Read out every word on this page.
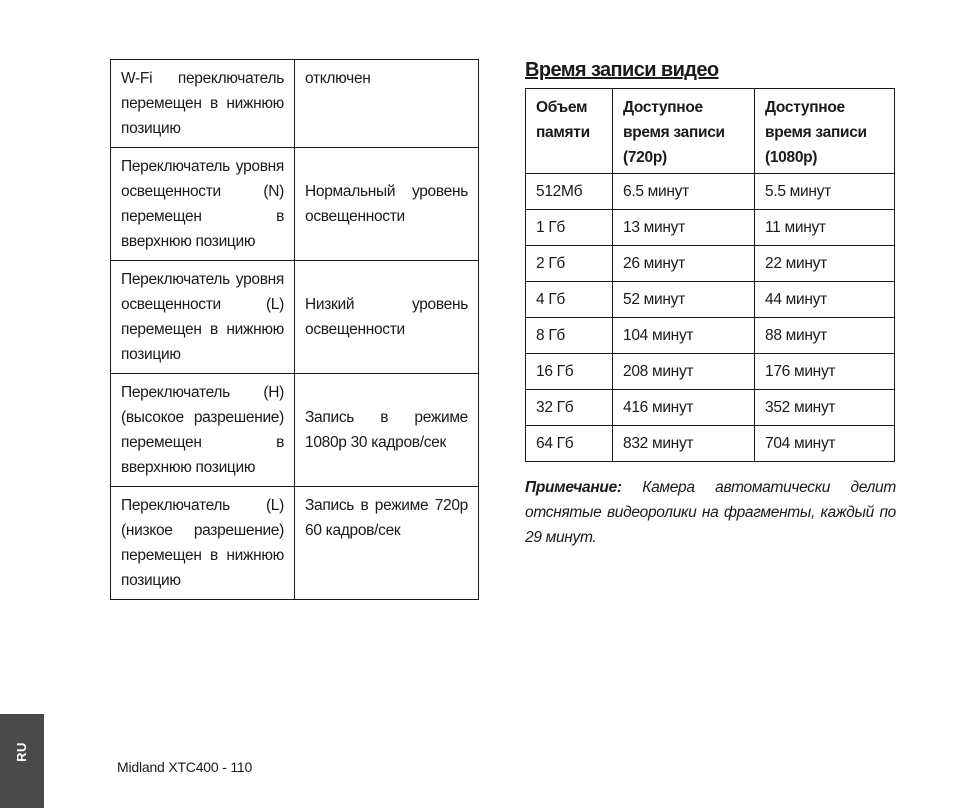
W-Fi переключатель перемещен в нижнюю позицию	отключен
Переключатель уровня освещенности (N) перемещен в вверхнюю позицию	Нормальный уровень освещенности
Переключатель уровня освещенности (L) перемещен в нижнюю позицию	Низкий уровень освещенности
Переключатель (H) (высокое разрешение) перемещен в вверхнюю позицию	Запись в режиме 1080р 30 кадров/сек
Переключатель (L) (низкое разрешение) перемещен в нижнюю позицию	Запись в режиме 720р 60 кадров/сек
Время записи видео
Объем памяти	Доступное время записи (720р)	Доступное время записи (1080р)
512Мб	6.5 минут	5.5 минут
1 Гб	13 минут	11 минут
2 Гб	26 минут	22 минут
4 Гб	52 минут	44 минут
8 Гб	104 минут	88 минут
16 Гб	208 минут	176 минут
32 Гб	416 минут	352 минут
64 Гб	832 минут	704 минут

Примечание: Камера автоматически делит отснятые видеоролики на фрагменты, каждый по 29 минут.

Midland XTC400 - 110
RU
